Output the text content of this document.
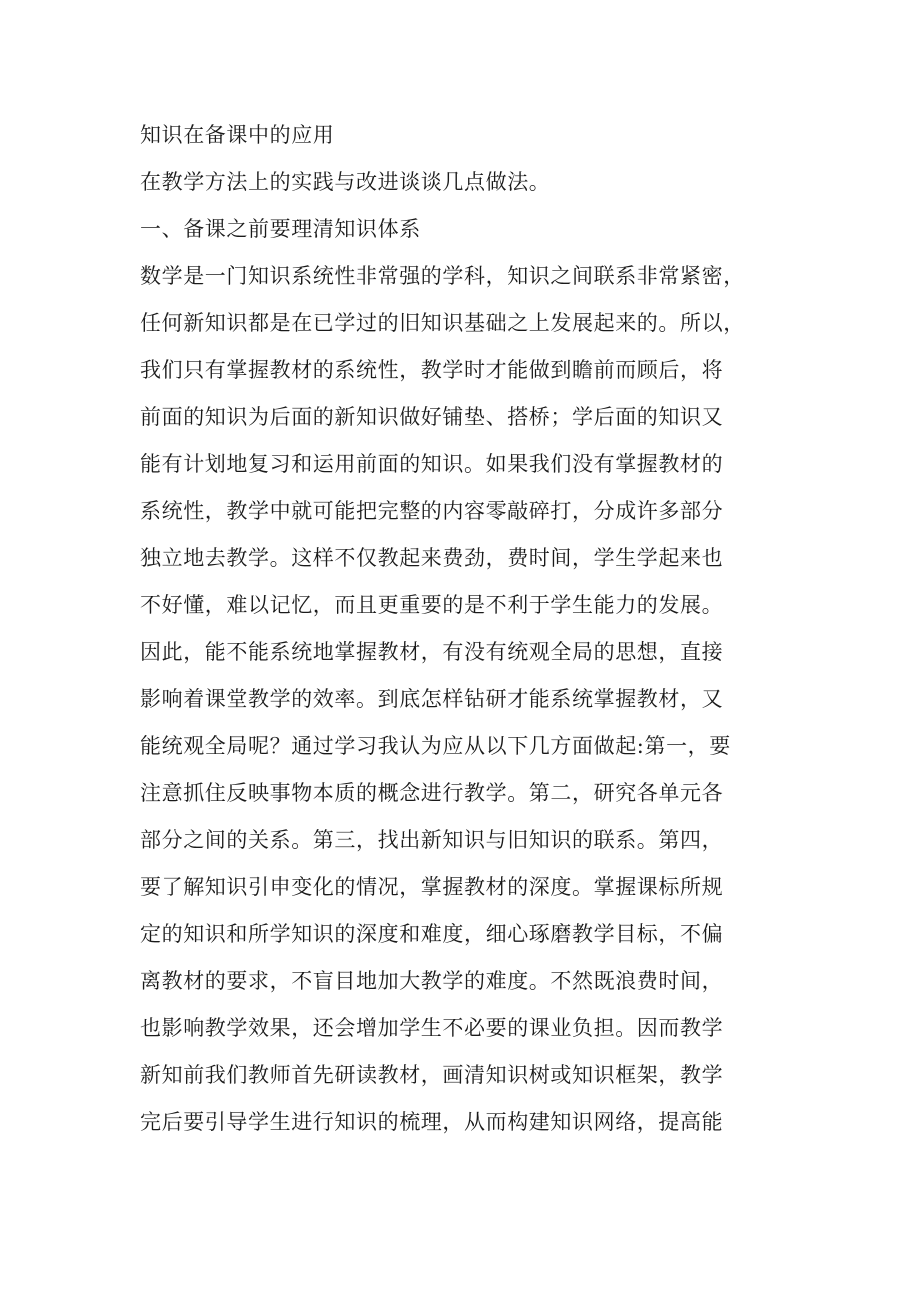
知识在备课中的应用
在教学方法上的实践与改进谈谈几点做法。
一、备课之前要理清知识体系
数学是一门知识系统性非常强的学科，知识之间联系非常紧密，
任何新知识都是在已学过的旧知识基础之上发展起来的。所以，
我们只有掌握教材的系统性，教学时才能做到瞻前而顾后，将
前面的知识为后面的新知识做好铺垫、搭桥；学后面的知识又
能有计划地复习和运用前面的知识。如果我们没有掌握教材的
系统性，教学中就可能把完整的内容零敲碎打，分成许多部分
独立地去教学。这样不仅教起来费劲，费时间，学生学起来也
不好懂，难以记忆，而且更重要的是不利于学生能力的发展。
因此，能不能系统地掌握教材，有没有统观全局的思想，直接
影响着课堂教学的效率。到底怎样钻研才能系统掌握教材，又
能统观全局呢？通过学习我认为应从以下几方面做起:第一，要
注意抓住反映事物本质的概念进行教学。第二，研究各单元各
部分之间的关系。第三，找出新知识与旧知识的联系。第四，
要了解知识引申变化的情况，掌握教材的深度。掌握课标所规
定的知识和所学知识的深度和难度，细心琢磨教学目标，不偏
离教材的要求，不盲目地加大教学的难度。不然既浪费时间，
也影响教学效果，还会增加学生不必要的课业负担。因而教学
新知前我们教师首先研读教材，画清知识树或知识框架，教学
完后要引导学生进行知识的梳理，从而构建知识网络，提高能
